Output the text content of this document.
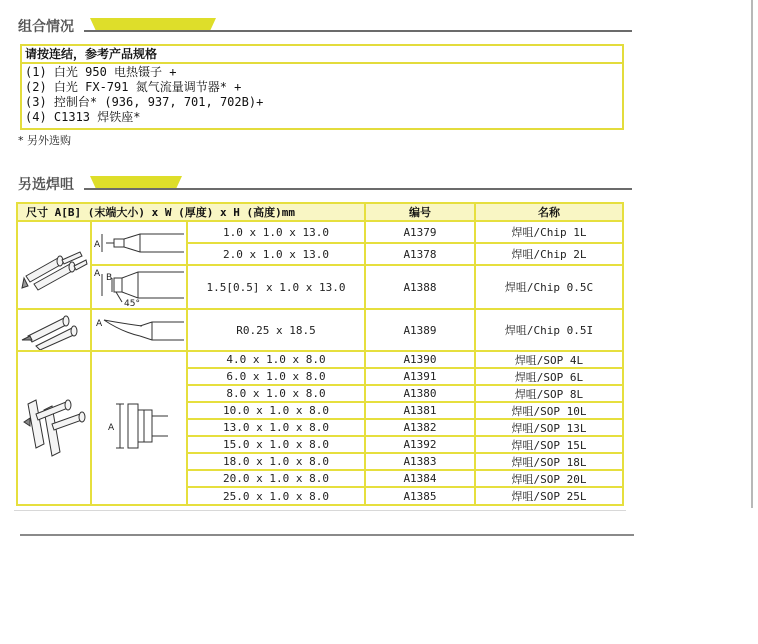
组合情况
请按连结，参考产品规格
(1) 白光 950 电热镊子 +
(2) 白光 FX-791 氮气流量调节器* +
(3) 控制台* (936, 937, 701, 702B)+
(4) C1313 焊铁座*
* 另外选购
另选焊咀
尺寸 A[B] (末端大小) x W (厚度) x H (高度)mm	编号	名称
A
A B
45°
A
A
1.0 x 1.0 x 13.0	A1379	焊咀/Chip 1L
2.0 x 1.0 x 13.0	A1378	焊咀/Chip 2L
1.5[0.5] x 1.0 x 13.0	A1388	焊咀/Chip 0.5C
R0.25 x 18.5	A1389	焊咀/Chip 0.5I
4.0 x 1.0 x 8.0	A1390	焊咀/SOP 4L
6.0 x 1.0 x 8.0	A1391	焊咀/SOP 6L
8.0 x 1.0 x 8.0	A1380	焊咀/SOP 8L
10.0 x 1.0 x 8.0	A1381	焊咀/SOP 10L
13.0 x 1.0 x 8.0	A1382	焊咀/SOP 13L
15.0 x 1.0 x 8.0	A1392	焊咀/SOP 15L
18.0 x 1.0 x 8.0	A1383	焊咀/SOP 18L
20.0 x 1.0 x 8.0	A1384	焊咀/SOP 20L
25.0 x 1.0 x 8.0	A1385	焊咀/SOP 25L
